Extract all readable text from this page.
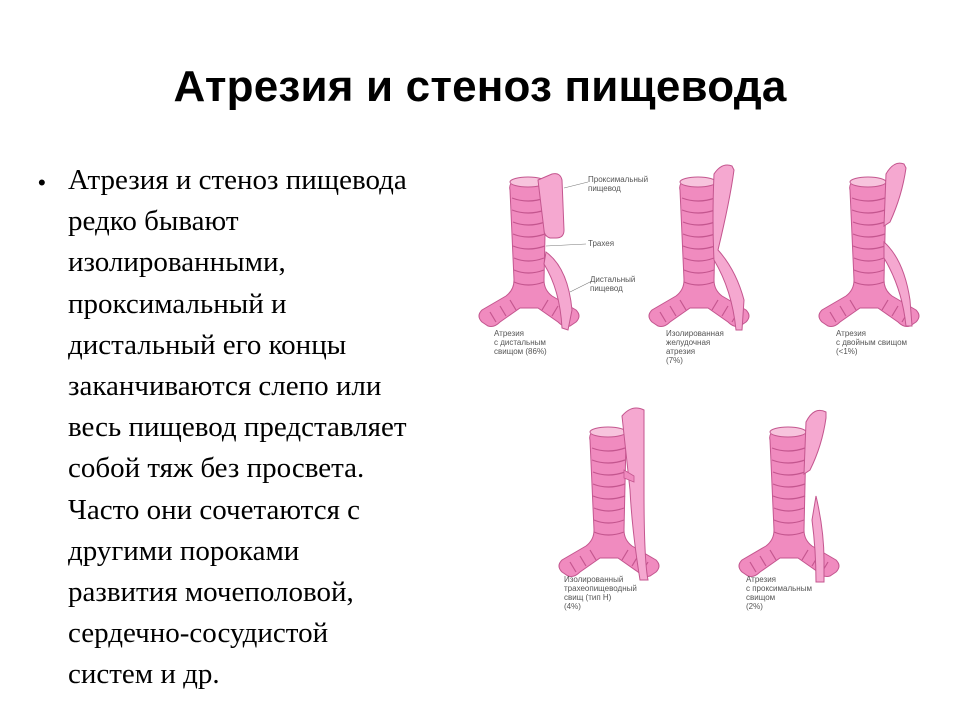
Атрезия и стеноз пищевода
• Атрезия и стеноз пищевода
редко бывают
изолированными,
проксимальный и
дистальный его концы
заканчиваются слепо или
весь пищевод представляет
собой тяж без просвета.
Часто они сочетаются с
другими пороками
развития мочеполовой,
сердечно-сосудистой
систем и др.
Проксимальный
пищевод
Трахея
Дистальный
пищевод
Атрезия
с дистальным
свищом (86%)
Изолированная
желудочная
атрезия
(7%)
Атрезия
с двойным свищом
(<1%)
Изолированный
трахеопищеводный
свищ (тип H)
(4%)
Атрезия
с проксимальным
свищом
(2%)
